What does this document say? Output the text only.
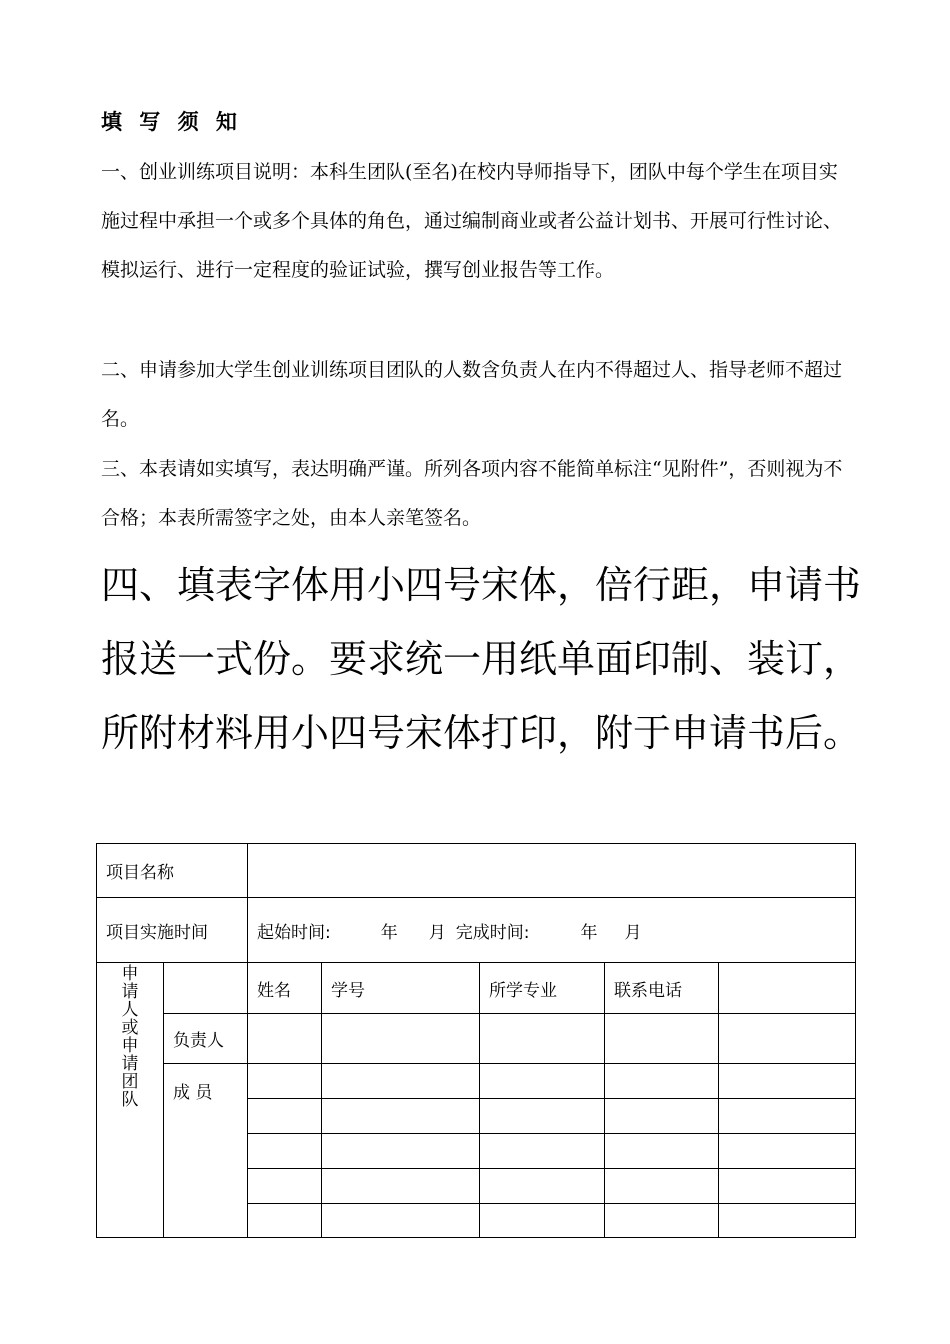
填 写 须 知

一、创业训练项目说明：本科生团队(至名)在校内导师指导下，团队中每个学生在项目实施过程中承担一个或多个具体的角色，通过编制商业或者公益计划书、开展可行性讨论、模拟运行、进行一定程度的验证试验，撰写创业报告等工作。

二、申请参加大学生创业训练项目团队的人数含负责人在内不得超过人、指导老师不超过名。

三、本表请如实填写，表达明确严谨。所列各项内容不能简单标注“见附件”，否则视为不合格；本表所需签字之处，由本人亲笔签名。

四、填表字体用小四号宋体，倍行距，申请书报送一式份。要求统一用纸单面印制、装订，所附材料用小四号宋体打印，附于申请书后。

项目名称						
项目实施时间		起始时间: 年 月 完成时间: 年 月				
申请人或申请团队		姓名	学号	所学专业	联系电话	
	负责人					
	成 员					
